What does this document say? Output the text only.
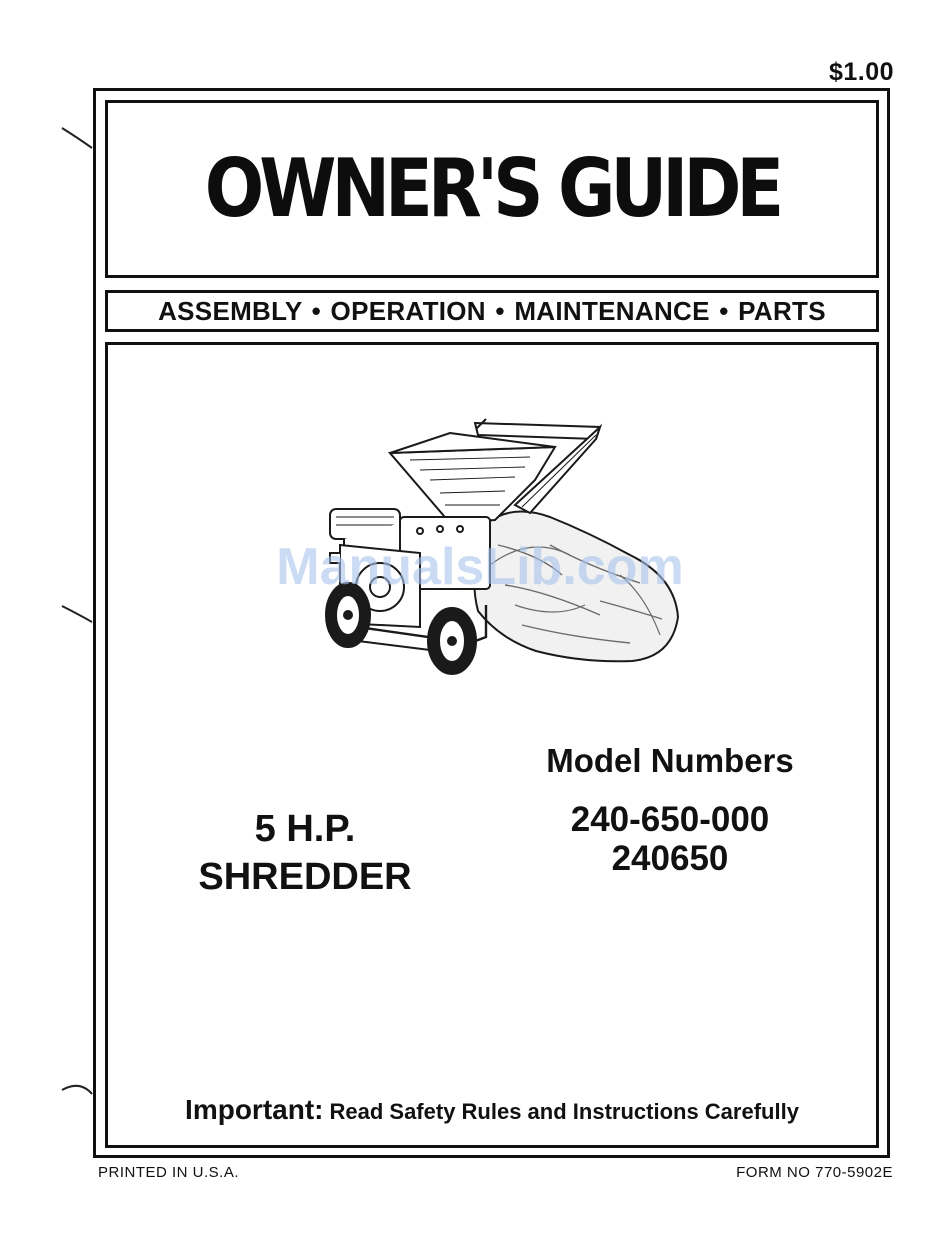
$1.00
OWNER'S GUIDE
ASSEMBLY • OPERATION • MAINTENANCE • PARTS
ManualsLib.com
Model Numbers
240-650-000
240650
5 H.P.
SHREDDER
Important: Read Safety Rules and Instructions Carefully
PRINTED IN U.S.A.	FORM NO 770-5902E
